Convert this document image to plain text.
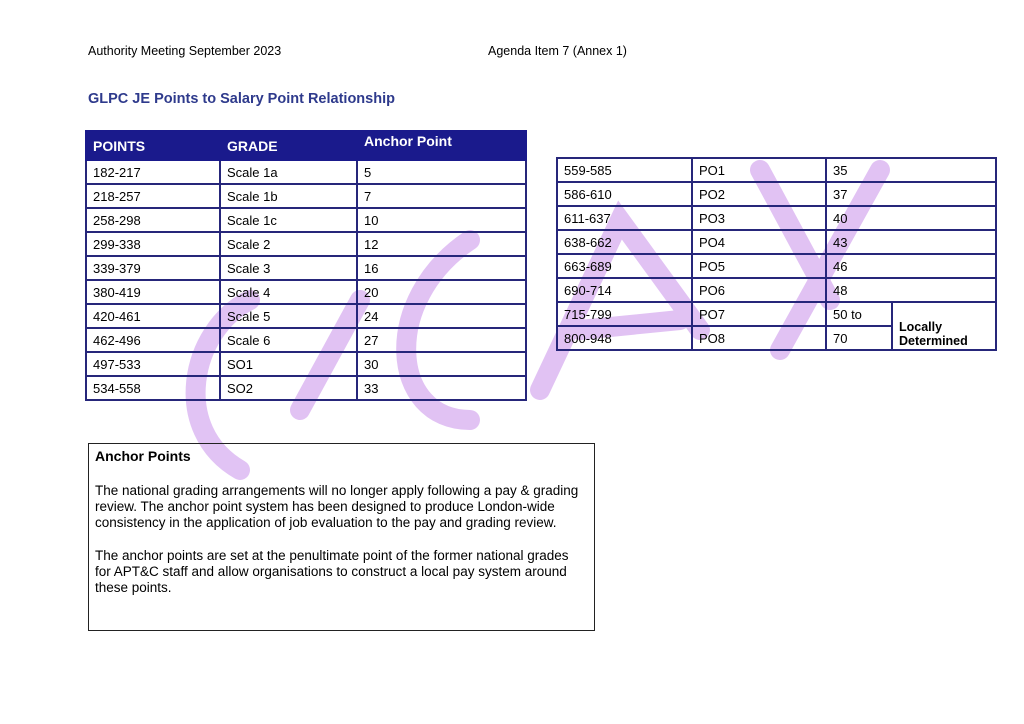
Authority Meeting September 2023	Agenda Item 7 (Annex 1)
GLPC JE Points to Salary Point Relationship
POINTS	GRADE	Anchor Point
182-217	Scale 1a	5
218-257	Scale 1b	7
258-298	Scale 1c	10
299-338	Scale 2	12
339-379	Scale 3	16
380-419	Scale 4	20
420-461	Scale 5	24
462-496	Scale 6	27
497-533	SO1	30
534-558	SO2	33
559-585	PO1	35	
586-610	PO2	37	
611-637	PO3	40	
638-662	PO4	43	
663-689	PO5	46	
690-714	PO6	48	
715-799	PO7	50 to	Locally Determined
800-948	PO8	70	
Anchor Points

The national grading arrangements will no longer apply following a pay & grading review. The anchor point system has been designed to produce London-wide consistency in the application of job evaluation to the pay and grading review.

The anchor points are set at the penultimate point of the former national grades for APT&C staff and allow organisations to construct a local pay system around these points.
